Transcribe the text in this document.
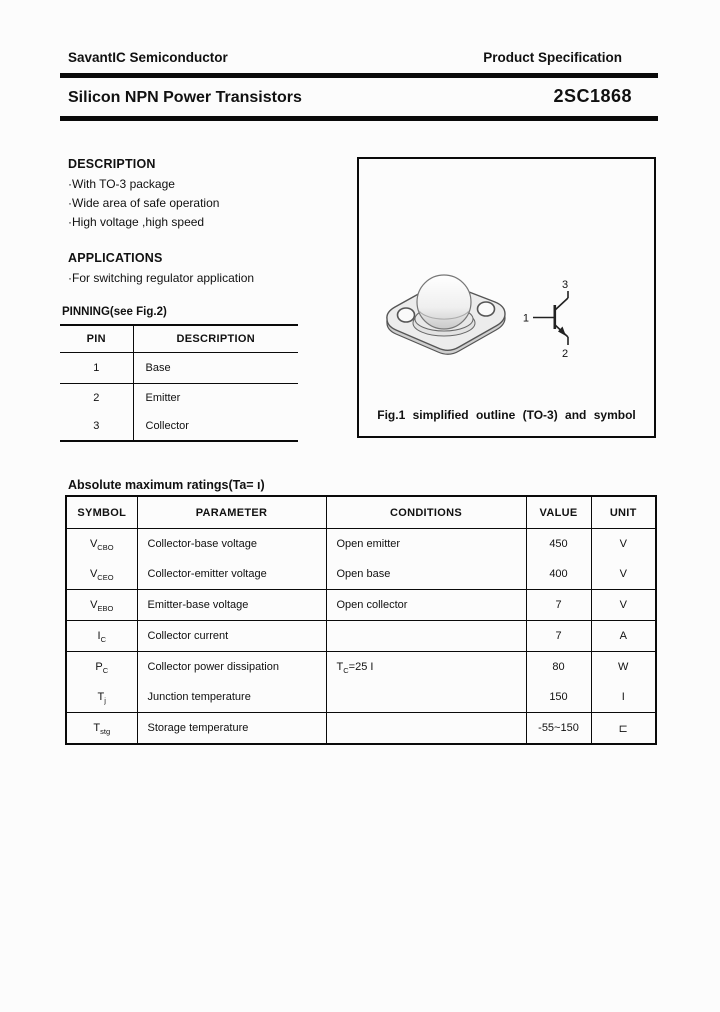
SavantIC Semiconductor	Product Specification
Silicon NPN Power Transistors	2SC1868
DESCRIPTION
·With TO-3 package
·Wide area of safe operation
·High voltage ,high speed
APPLICATIONS
·For switching regulator application
PINNING(see Fig.2)
PIN	DESCRIPTION
1	Base
2	Emitter
3	Collector
3
1
2
Fig.1 simplified outline (TO-3) and symbol
Absolute maximum ratings(Ta= ı)
SYMBOL	PARAMETER	CONDITIONS	VALUE	UNIT
$V_{CBO}$	Collector-base voltage	Open emitter	450	V
$V_{CEO}$	Collector-emitter voltage	Open base	400	V
$V_{EBO}$	Emitter-base voltage	Open collector	7	V
$I_C$	Collector current		7	A
$P_C$	Collector power dissipation	$T_C=25$ I	80	W
$T_j$	Junction temperature		150	I
$T_{stg}$	Storage temperature		-55~150	⊏
